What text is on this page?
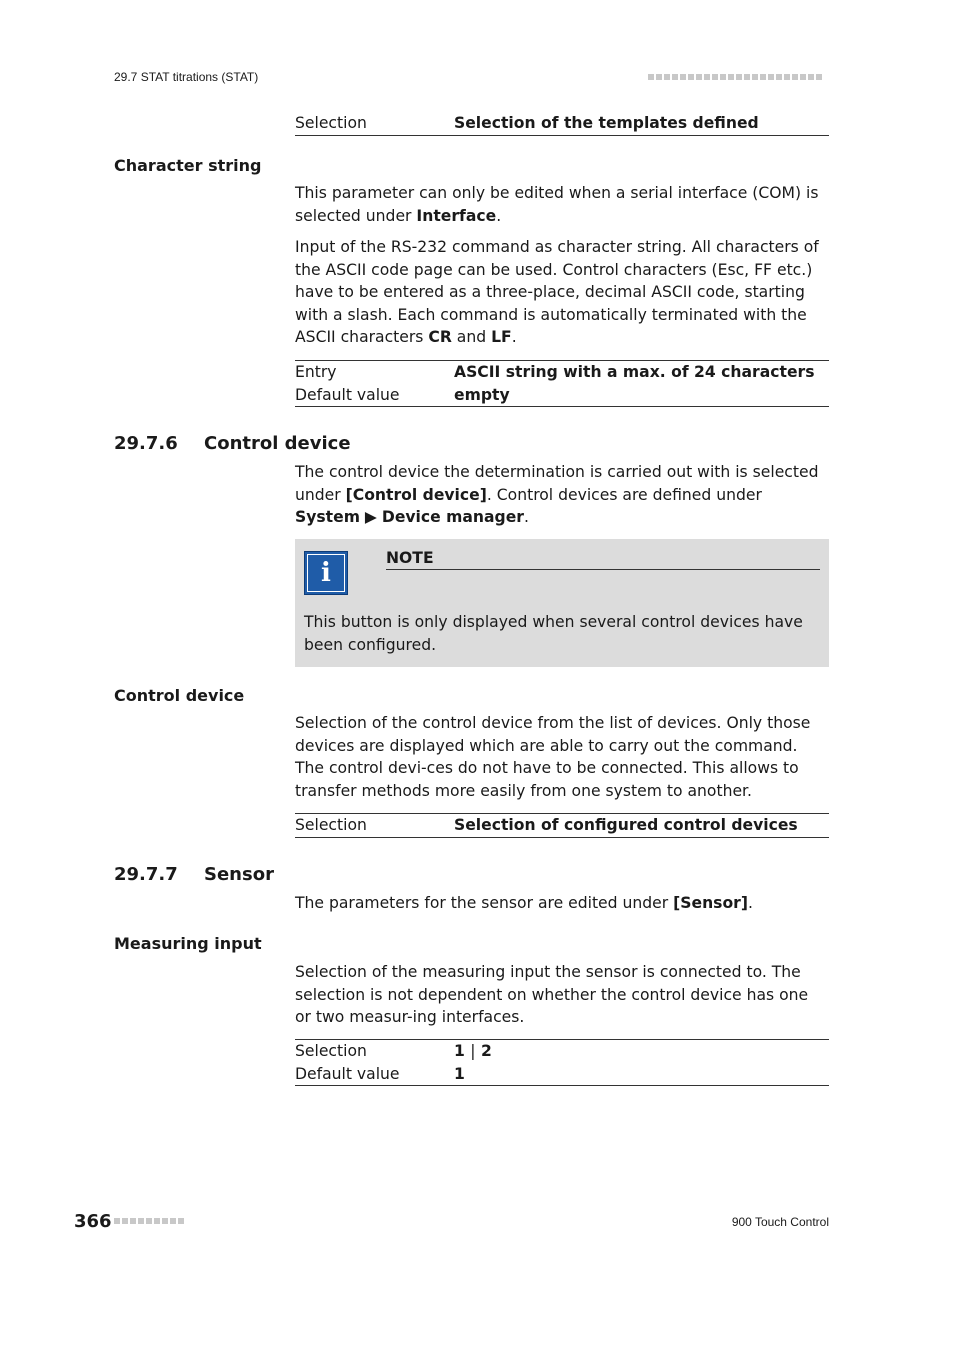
29.7 STAT titrations (STAT)
Selection	Selection of the templates defined
Character string
This parameter can only be edited when a serial interface (COM) is selected under Interface.
Input of the RS-232 command as character string. All characters of the ASCII code page can be used. Control characters (Esc, FF etc.) have to be entered as a three-place, decimal ASCII code, starting with a slash. Each command is automatically terminated with the ASCII characters CR and LF.
Entry	ASCII string with a max. of 24 characters
Default value	empty
29.7.6 Control device
The control device the determination is carried out with is selected under [Control device]. Control devices are defined under System ▶ Device manager.
i	NOTE
This button is only displayed when several control devices have been configured.
Control device
Selection of the control device from the list of devices. Only those devices are displayed which are able to carry out the command. The control devi-ces do not have to be connected. This allows to transfer methods more easily from one system to another.
Selection	Selection of configured control devices
29.7.7 Sensor
The parameters for the sensor are edited under [Sensor].
Measuring input
Selection of the measuring input the sensor is connected to. The selection is not dependent on whether the control device has one or two measur-ing interfaces.
Selection	1 | 2
Default value	1
366	900 Touch Control
